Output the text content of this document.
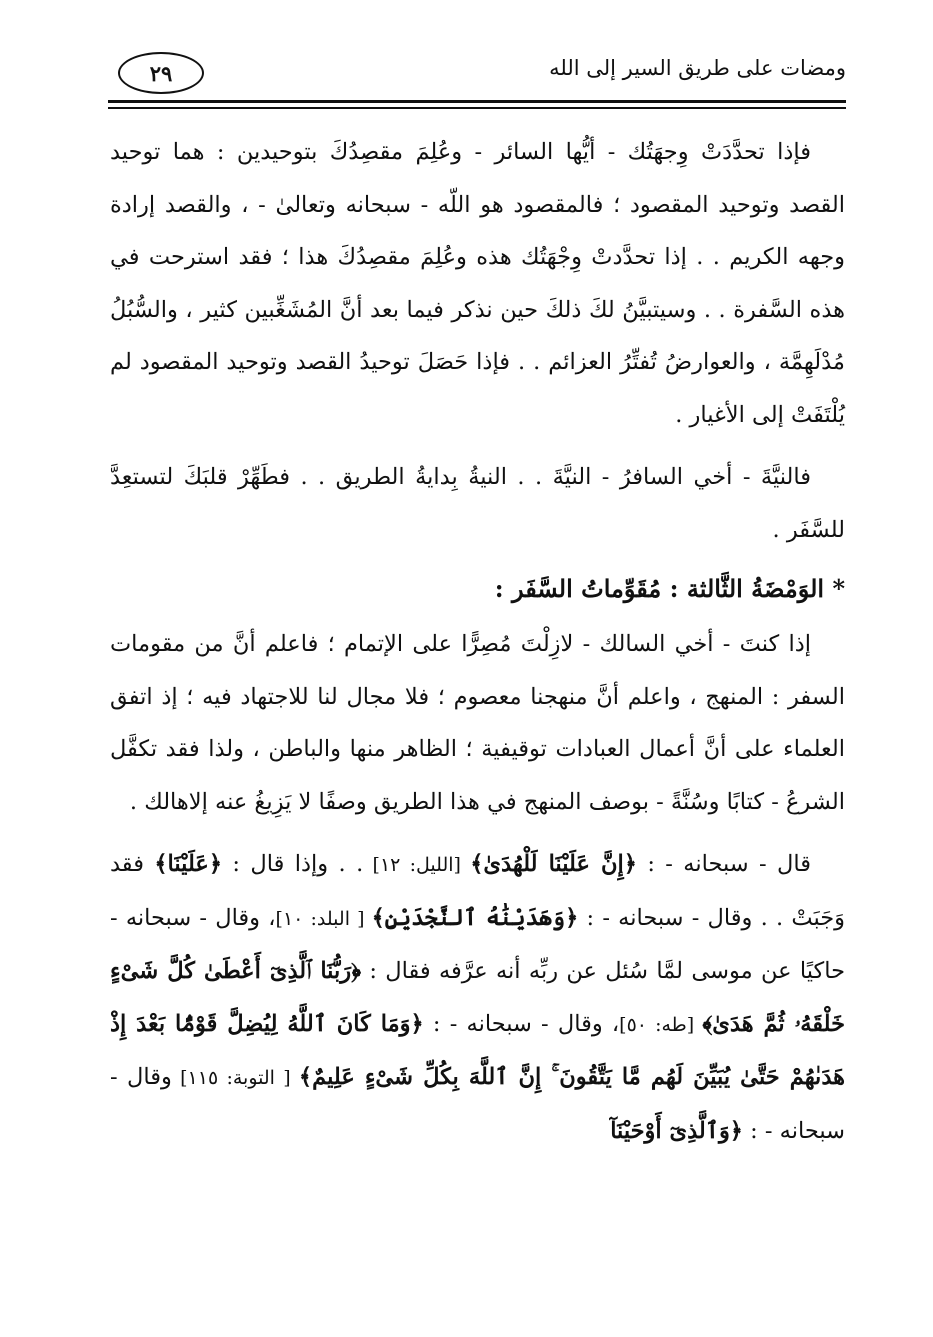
٢٩	ومضات على طريق السير إلى الله

فإذا تحدَّدَتْ وِجهَتُك - أيُّها السائر - وعُلِمَ مقصِدُكَ بتوحيدين : هما توحيد القصد وتوحيد المقصود ؛ فالمقصود هو اللّه - سبحانه وتعالىٰ - ، والقصد إرادة وجهه الكريم . . إذا تحدَّدتْ وِجْهَتُك هذه وعُلِمَ مقصِدُكَ هذا ؛ فقد استرحت في هذه السَّفرة . . وسيتبيَّنُ لكَ ذلكَ حين نذكر فيما بعد أنَّ المُشَغِّبين كثير ، والسُّبُلُ مُدْلَهِمَّة ، والعوارضُ تُفتِّرُ العزائم . . فإذا حَصَلَ توحيدُ القصد وتوحيد المقصود لم يُلْتَفَتْ إلى الأغيار .

فالنيَّةَ - أخي السافرُ - النيَّةَ . . النيةُ بِدايةُ الطريق . . فطَهِّرْ قلبَكَ لتستعِدَّ للسَّفَر .

* الوَمْضَةُ الثَّالثة : مُقَوِّماتُ السَّفَر :

إذا كنتَ - أخي السالك - لازِلْتَ مُصِرًّا على الإتمام ؛ فاعلم أنَّ من مقومات السفر : المنهج ، واعلم أنَّ منهجنا معصوم ؛ فلا مجال لنا للاجتهاد فيه ؛ إذ اتفق العلماء على أنَّ أعمال العبادات توقيفية ؛ الظاهر منها والباطن ، ولذا فقد تكفَّل الشرعُ - كتابًا وسُنَّةً - بوصف المنهج في هذا الطريق وصفًا لا يَزِيغُ عنه إلاهالك .

قال - سبحانه - : ﴿إِنَّ عَلَيْنَا لَلْهُدَىٰ﴾ [الليل: ١٢] . . وإذا قال : ﴿عَلَيْنَا﴾ فقد وَجَبَتْ . . وقال - سبحانه - : ﴿وَهَدَيْنَٰهُ ٱلنَّجْدَيْنِ﴾ [ البلد: ١٠]، وقال - سبحانه - حاكيًا عن موسى لمَّا سُئل عن ربِّه أنه عرَّفه فقال : ﴿رَبُّنَا ٱلَّذِىٓ أَعْطَىٰ كُلَّ شَىْءٍ خَلْقَهُۥ ثُمَّ هَدَىٰ﴾ [طه: ٥٠]، وقال - سبحانه - : ﴿وَمَا كَانَ ٱللَّهُ لِيُضِلَّ قَوْمًۢا بَعْدَ إِذْ هَدَىٰهُمْ حَتَّىٰ يُبَيِّنَ لَهُم مَّا يَتَّقُونَ ۚ إِنَّ ٱللَّهَ بِكُلِّ شَىْءٍ عَلِيمٌ﴾ [ التوبة: ١١٥] وقال - سبحانه - : ﴿وَٱلَّذِىٓ أَوْحَيْنَآ
